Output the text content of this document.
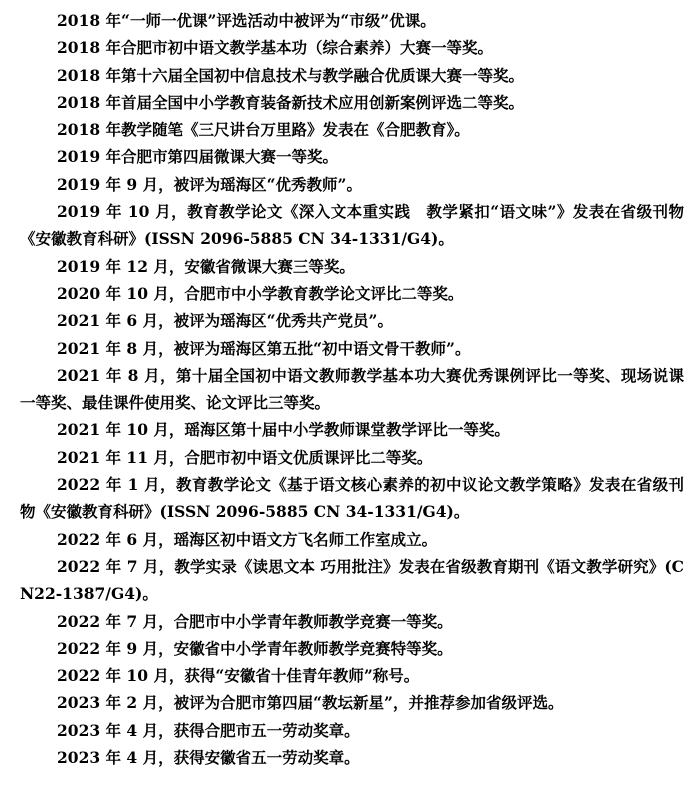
2018 年“一师一优课”评选活动中被评为“市级”优课。

2018 年合肥市初中语文教学基本功（综合素养）大赛一等奖。

2018 年第十六届全国初中信息技术与教学融合优质课大赛一等奖。

2018 年首届全国中小学教育装备新技术应用创新案例评选二等奖。

2018 年教学随笔《三尺讲台万里路》发表在《合肥教育》。

2019 年合肥市第四届微课大赛一等奖。

2019 年 9 月，被评为瑶海区“优秀教师”。

2019 年 10 月，教育教学论文《深入文本重实践　教学紧扣“语文味”》发表在省级刊物《安徽教育科研》(ISSN 2096-5885 CN 34-1331/G4)。

2019 年 12 月，安徽省微课大赛三等奖。

2020 年 10 月，合肥市中小学教育教学论文评比二等奖。

2021 年 6 月，被评为瑶海区“优秀共产党员”。

2021 年 8 月，被评为瑶海区第五批“初中语文骨干教师”。

2021 年 8 月，第十届全国初中语文教师教学基本功大赛优秀课例评比一等奖、现场说课一等奖、最佳课件使用奖、论文评比三等奖。

2021 年 10 月，瑶海区第十届中小学教师课堂教学评比一等奖。

2021 年 11 月，合肥市初中语文优质课评比二等奖。

2022 年 1 月，教育教学论文《基于语文核心素养的初中议论文教学策略》发表在省级刊物《安徽教育科研》(ISSN 2096-5885 CN 34-1331/G4)。

2022 年 6 月，瑶海区初中语文方飞名师工作室成立。

2022 年 7 月，教学实录《读思文本 巧用批注》发表在省级教育期刊《语文教学研究》(CN22-1387/G4)。

2022 年 7 月，合肥市中小学青年教师教学竞赛一等奖。

2022 年 9 月，安徽省中小学青年教师教学竞赛特等奖。

2022 年 10 月，获得“安徽省十佳青年教师”称号。

2023 年 2 月，被评为合肥市第四届“教坛新星”，并推荐参加省级评选。

2023 年 4 月，获得合肥市五一劳动奖章。

2023 年 4 月，获得安徽省五一劳动奖章。
